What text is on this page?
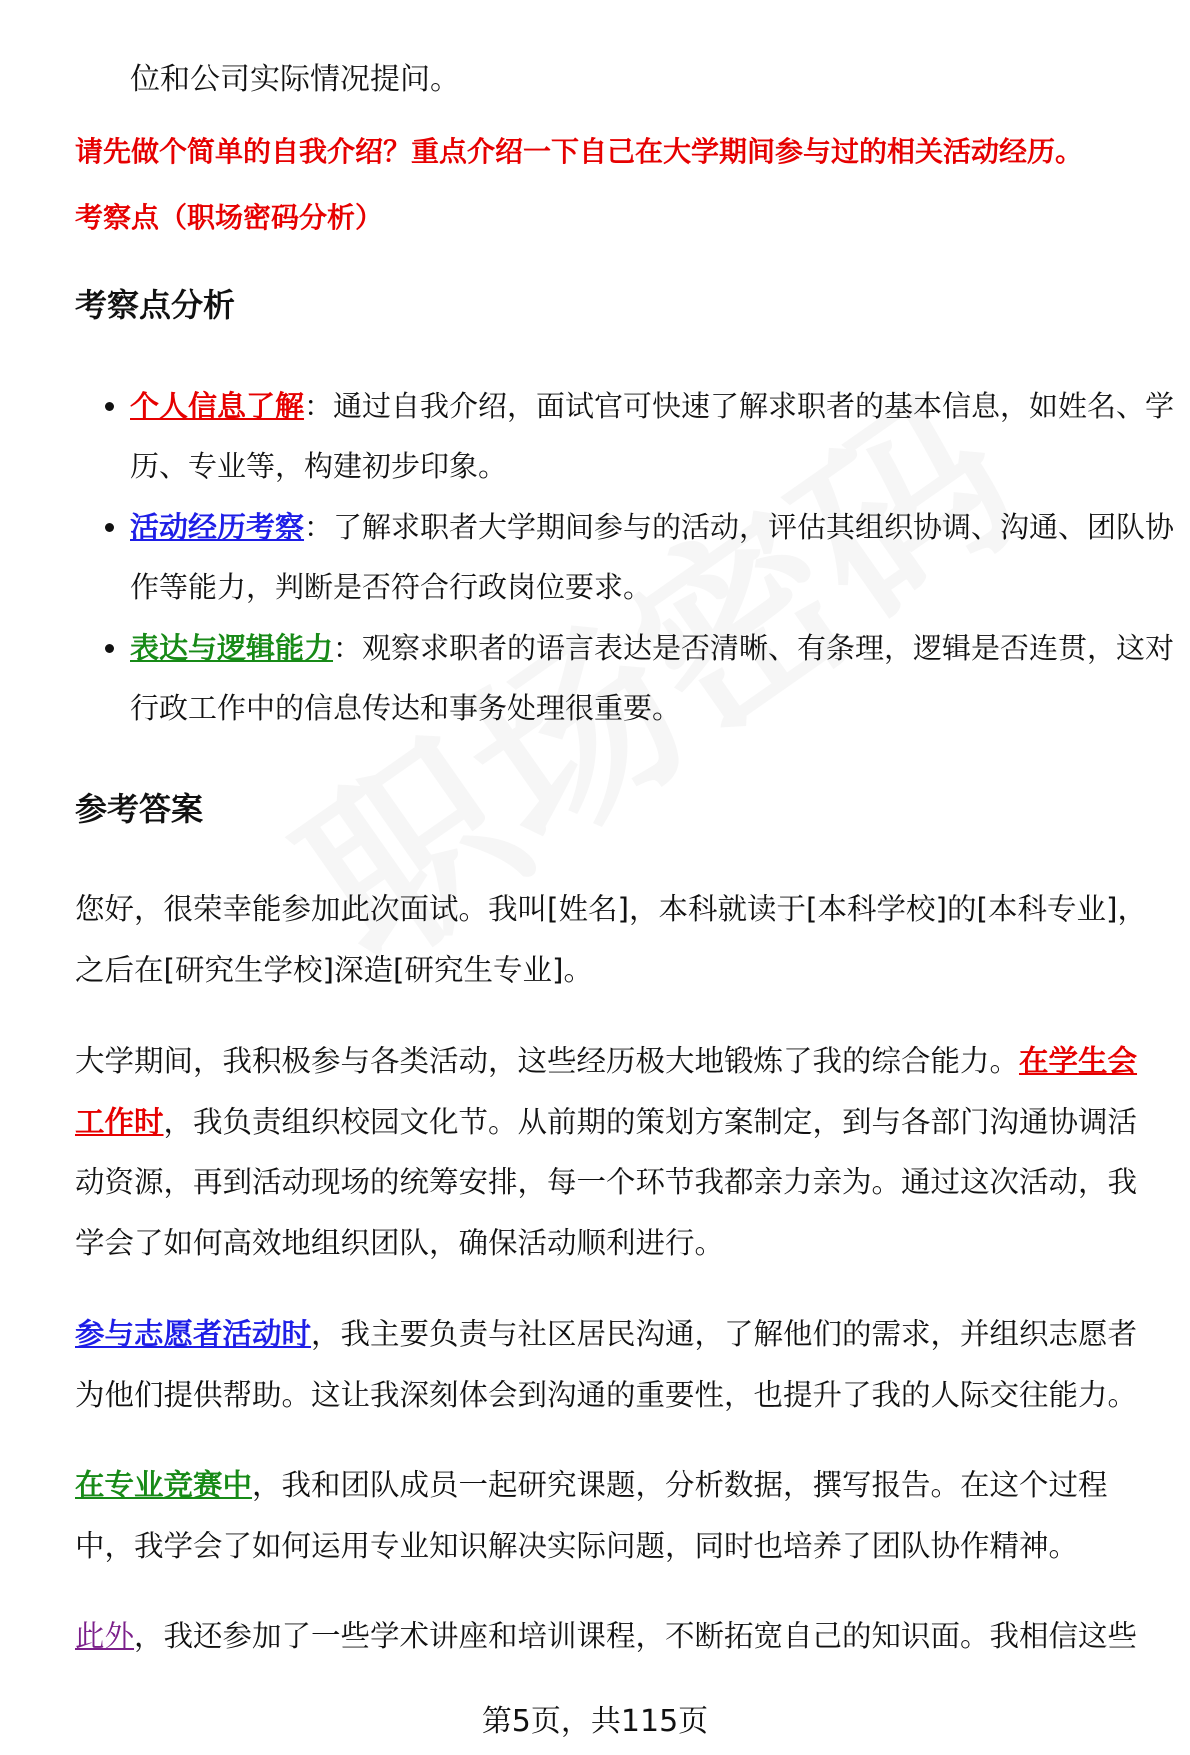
位和公司实际情况提问。
请先做个简单的自我介绍？重点介绍一下自己在大学期间参与过的相关活动经历。
考察点（职场密码分析）
考察点分析
• 个人信息了解：通过自我介绍，面试官可快速了解求职者的基本信息，如姓名、学历、专业等，构建初步印象。
• 活动经历考察：了解求职者大学期间参与的活动，评估其组织协调、沟通、团队协作等能力，判断是否符合行政岗位要求。
• 表达与逻辑能力：观察求职者的语言表达是否清晰、有条理，逻辑是否连贯，这对行政工作中的信息传达和事务处理很重要。
参考答案

您好，很荣幸能参加此次面试。我叫[姓名]，本科就读于[本科学校]的[本科专业]，之后在[研究生学校]深造[研究生专业]。

大学期间，我积极参与各类活动，这些经历极大地锻炼了我的综合能力。在学生会工作时，我负责组织校园文化节。从前期的策划方案制定，到与各部门沟通协调活动资源，再到活动现场的统筹安排，每一个环节我都亲力亲为。通过这次活动，我学会了如何高效地组织团队，确保活动顺利进行。

参与志愿者活动时，我主要负责与社区居民沟通，了解他们的需求，并组织志愿者为他们提供帮助。这让我深刻体会到沟通的重要性，也提升了我的人际交往能力。

在专业竞赛中，我和团队成员一起研究课题，分析数据，撰写报告。在这个过程中，我学会了如何运用专业知识解决实际问题，同时也培养了团队协作精神。

此外，我还参加了一些学术讲座和培训课程，不断拓宽自己的知识面。我相信这些

第5页，共115页
